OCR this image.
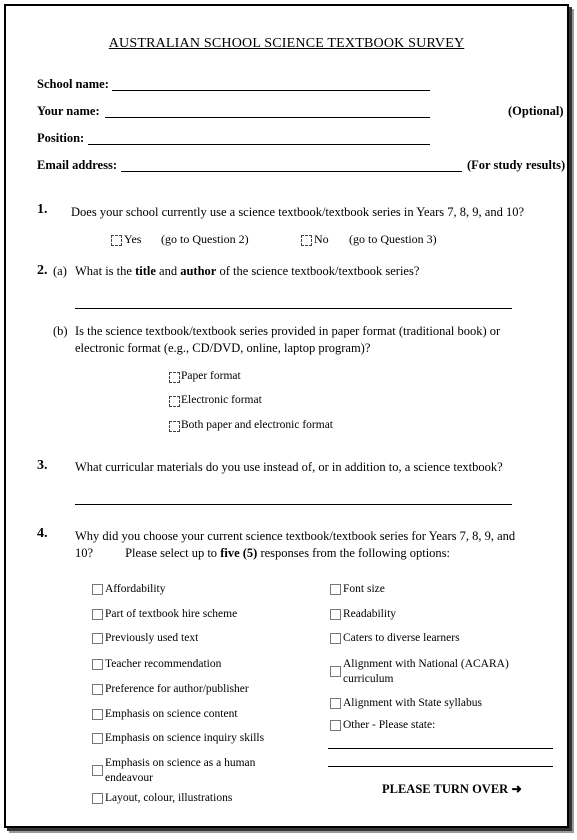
AUSTRALIAN SCHOOL SCIENCE TEXTBOOK SURVEY
School name:
Your name:	(Optional)
Position:
Email address:	(For study results)
1. Does your school currently use a science textbook/textbook series in Years 7, 8, 9, and 10?
Yes (go to Question 2)	No (go to Question 3)
2. (a) What is the title and author of the science textbook/textbook series?
(b) Is the science textbook/textbook series provided in paper format (traditional book) or
electronic format (e.g., CD/DVD, online, laptop program)?
Paper format
Electronic format
Both paper and electronic format
3. What curricular materials do you use instead of, or in addition to, a science textbook?
4. Why did you choose your current science textbook/textbook series for Years 7, 8, 9, and
10?	Please select up to five (5) responses from the following options:
Affordability
Part of textbook hire scheme
Previously used text
Teacher recommendation
Preference for author/publisher
Emphasis on science content
Emphasis on science inquiry skills
Emphasis on science as a human
endeavour
Layout, colour, illustrations
Font size
Readability
Caters to diverse learners
Alignment with National (ACARA)
curriculum
Alignment with State syllabus
Other - Please state:
PLEASE TURN OVER ➜
